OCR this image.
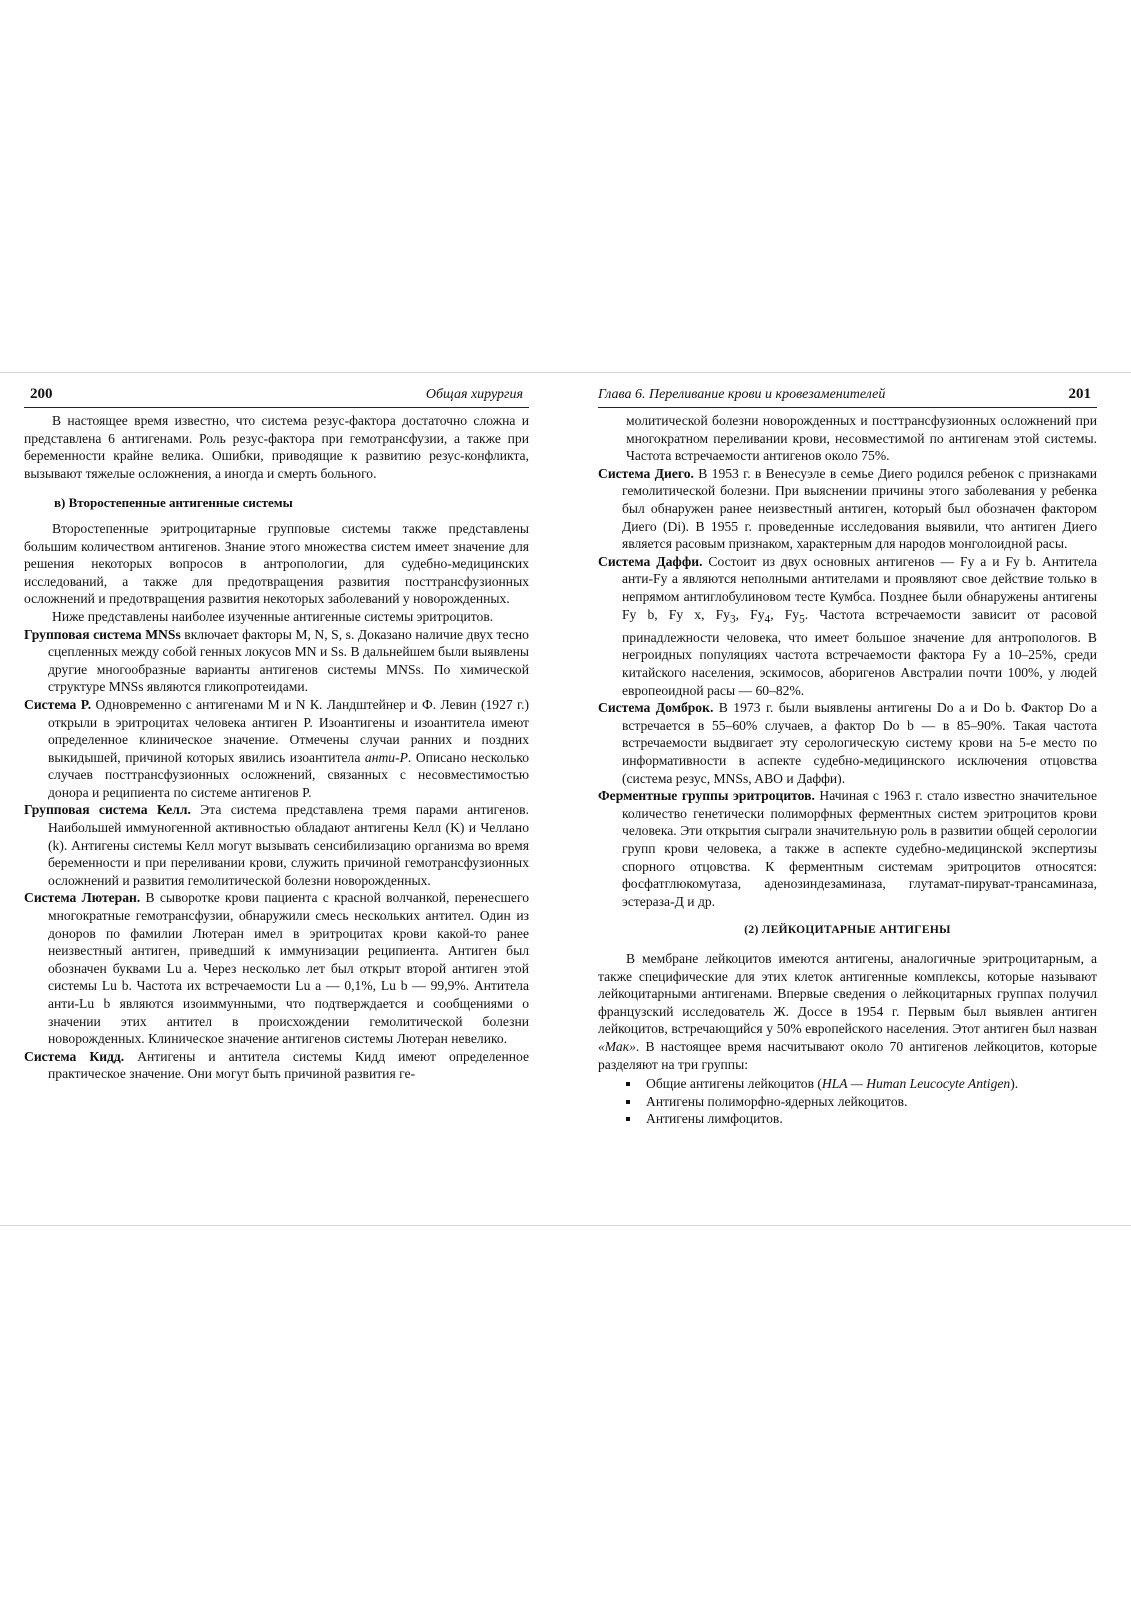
200	Общая хирургия

В настоящее время известно, что система резус-фактора достаточно сложна и представлена 6 антигенами. Роль резус-фактора при гемотрансфузии, а также при беременности крайне велика. Ошибки, приводящие к развитию резус-конфликта, вызывают тяжелые осложнения, а иногда и смерть больного.

в) Второстепенные антигенные системы

Второстепенные эритроцитарные групповые системы также представлены большим количеством антигенов. Знание этого множества систем имеет значение для решения некоторых вопросов в антропологии, для судебно-медицинских исследований, а также для предотвращения развития посттрансфузионных осложнений и предотвращения развития некоторых заболеваний у новорожденных.

Ниже представлены наиболее изученные антигенные системы эритроцитов.

Групповая система MNSs включает факторы M, N, S, s. Доказано наличие двух тесно сцепленных между собой генных локусов MN и Ss. В дальнейшем были выявлены другие многообразные варианты антигенов системы MNSs. По химической структуре MNSs являются гликопротеидами.

Система P. Одновременно с антигенами M и N К. Ландштейнер и Ф. Левин (1927 г.) открыли в эритроцитах человека антиген P. Изоантигены и изоантитела имеют определенное клиническое значение. Отмечены случаи ранних и поздних выкидышей, причиной которых явились изоантитела анти-P. Описано несколько случаев посттрансфузионных осложнений, связанных с несовместимостью донора и реципиента по системе антигенов P.

Групповая система Келл. Эта система представлена тремя парами антигенов. Наибольшей иммуногенной активностью обладают антигены Келл (K) и Челлано (k). Антигены системы Келл могут вызывать сенсибилизацию организма во время беременности и при переливании крови, служить причиной гемотрансфузионных осложнений и развития гемолитической болезни новорожденных.

Система Лютеран. В сыворотке крови пациента с красной волчанкой, перенесшего многократные гемотрансфузии, обнаружили смесь нескольких антител. Один из доноров по фамилии Лютеран имел в эритроцитах крови какой-то ранее неизвестный антиген, приведший к иммунизации реципиента. Антиген был обозначен буквами Lu a. Через несколько лет был открыт второй антиген этой системы Lu b. Частота их встречаемости Lu a — 0,1%, Lu b — 99,9%. Антитела анти-Lu b являются изоиммунными, что подтверждается и сообщениями о значении этих антител в происхождении гемолитической болезни новорожденных. Клиническое значение антигенов системы Лютеран невелико.

Система Кидд. Антигены и антитела системы Кидд имеют определенное практическое значение. Они могут быть причиной развития ге-

Глава 6. Переливание крови и кровезаменителей	201

молитической болезни новорожденных и посттрансфузионных осложнений при многократном переливании крови, несовместимой по антигенам этой системы. Частота встречаемости антигенов около 75%.

Система Диего. В 1953 г. в Венесуэле в семье Диего родился ребенок с признаками гемолитической болезни. При выяснении причины этого заболевания у ребенка был обнаружен ранее неизвестный антиген, который был обозначен фактором Диего (Di). В 1955 г. проведенные исследования выявили, что антиген Диего является расовым признаком, характерным для народов монголоидной расы.

Система Даффи. Состоит из двух основных антигенов — Fy a и Fy b. Антитела анти-Fy a являются неполными антителами и проявляют свое действие только в непрямом антиглобулиновом тесте Кумбса. Позднее были обнаружены антигены Fy b, Fy x, $Fy_3$, $Fy_4$, $Fy_5$. Частота встречаемости зависит от расовой принадлежности человека, что имеет большое значение для антропологов. В негроидных популяциях частота встречаемости фактора Fy a 10–25%, среди китайского населения, эскимосов, аборигенов Австралии почти 100%, у людей европеоидной расы — 60–82%.

Система Домброк. В 1973 г. были выявлены антигены Do a и Do b. Фактор Do a встречается в 55–60% случаев, а фактор Do b — в 85–90%. Такая частота встречаемости выдвигает эту серологическую систему крови на 5-е место по информативности в аспекте судебно-медицинского исключения отцовства (система резус, MNSs, ABO и Даффи).

Ферментные группы эритроцитов. Начиная с 1963 г. стало известно значительное количество генетически полиморфных ферментных систем эритроцитов крови человека. Эти открытия сыграли значительную роль в развитии общей серологии групп крови человека, а также в аспекте судебно-медицинской экспертизы спорного отцовства. К ферментным системам эритроцитов относятся: фосфатглюкомутаза, аденозиндезаминаза, глутамат-пируват-трансаминаза, эстераза-Д и др.

(2) ЛЕЙКОЦИТАРНЫЕ АНТИГЕНЫ

В мембране лейкоцитов имеются антигены, аналогичные эритроцитарным, а также специфические для этих клеток антигенные комплексы, которые называют лейкоцитарными антигенами. Впервые сведения о лейкоцитарных группах получил французский исследователь Ж. Доссе в 1954 г. Первым был выявлен антиген лейкоцитов, встречающийся у 50% европейского населения. Этот антиген был назван «Мак». В настоящее время насчитывают около 70 антигенов лейкоцитов, которые разделяют на три группы:

Общие антигены лейкоцитов (HLA — Human Leucocyte Antigen).
Антигены полиморфно-ядерных лейкоцитов.
Антигены лимфоцитов.
